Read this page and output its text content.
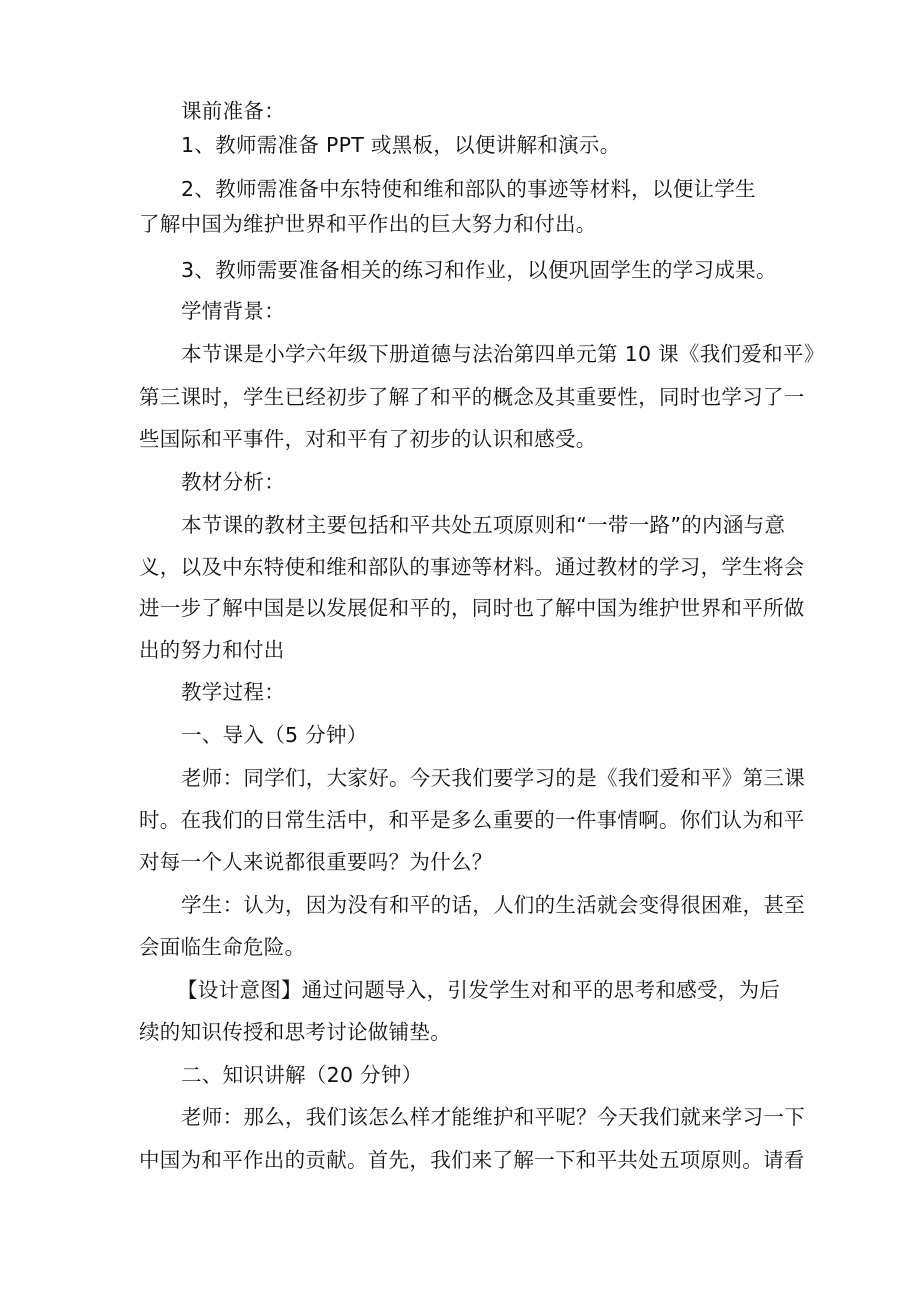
课前准备：
1、教师需准备 PPT 或黑板，以便讲解和演示。
2、教师需准备中东特使和维和部队的事迹等材料，以便让学生
了解中国为维护世界和平作出的巨大努力和付出。
3、教师需要准备相关的练习和作业，以便巩固学生的学习成果。
学情背景：
本节课是小学六年级下册道德与法治第四单元第 10 课《我们爱和平》
第三课时，学生已经初步了解了和平的概念及其重要性，同时也学习了一
些国际和平事件，对和平有了初步的认识和感受。
教材分析：
本节课的教材主要包括和平共处五项原则和“一带一路”的内涵与意
义，以及中东特使和维和部队的事迹等材料。通过教材的学习，学生将会
进一步了解中国是以发展促和平的，同时也了解中国为维护世界和平所做
出的努力和付出
教学过程：
一、导入（5 分钟）
老师：同学们，大家好。今天我们要学习的是《我们爱和平》第三课
时。在我们的日常生活中，和平是多么重要的一件事情啊。你们认为和平
对每一个人来说都很重要吗？为什么？
学生：认为，因为没有和平的话，人们的生活就会变得很困难，甚至
会面临生命危险。
【设计意图】通过问题导入，引发学生对和平的思考和感受，为后
续的知识传授和思考讨论做铺垫。
二、知识讲解（20 分钟）
老师：那么，我们该怎么样才能维护和平呢？今天我们就来学习一下
中国为和平作出的贡献。首先，我们来了解一下和平共处五项原则。请看
